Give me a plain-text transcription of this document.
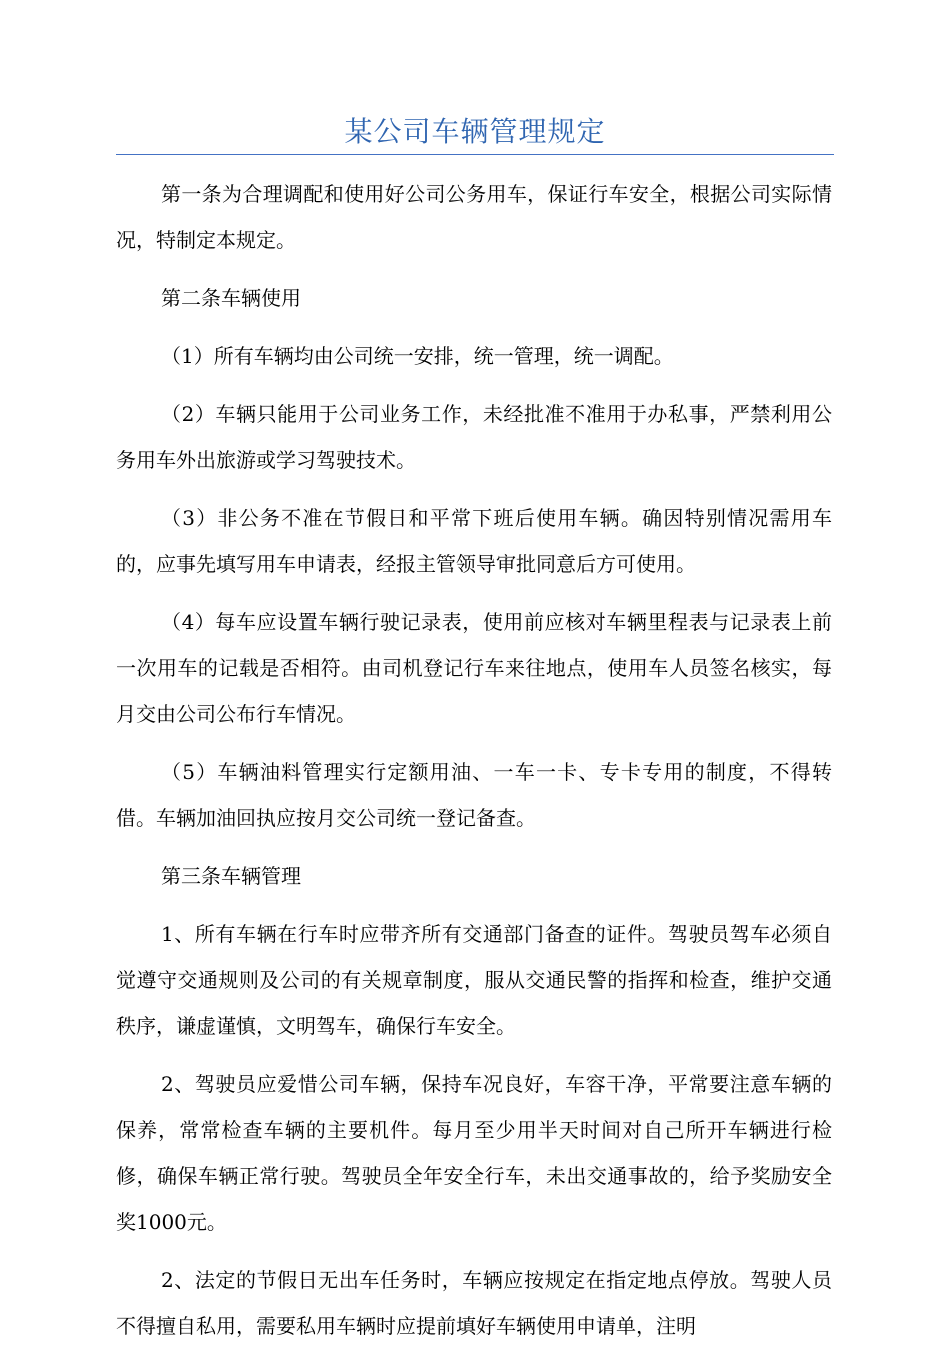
某公司车辆管理规定

第一条为合理调配和使用好公司公务用车，保证行车安全，根据公司实际情况，特制定本规定。

第二条车辆使用

（1）所有车辆均由公司统一安排，统一管理，统一调配。

（2）车辆只能用于公司业务工作，未经批准不准用于办私事，严禁利用公务用车外出旅游或学习驾驶技术。

（3）非公务不准在节假日和平常下班后使用车辆。确因特别情况需用车的，应事先填写用车申请表，经报主管领导审批同意后方可使用。

（4）每车应设置车辆行驶记录表，使用前应核对车辆里程表与记录表上前一次用车的记载是否相符。由司机登记行车来往地点，使用车人员签名核实，每月交由公司公布行车情况。

（5）车辆油料管理实行定额用油、一车一卡、专卡专用的制度，不得转借。车辆加油回执应按月交公司统一登记备查。

第三条车辆管理

1、所有车辆在行车时应带齐所有交通部门备查的证件。驾驶员驾车必须自觉遵守交通规则及公司的有关规章制度，服从交通民警的指挥和检查，维护交通秩序，谦虚谨慎，文明驾车，确保行车安全。

2、驾驶员应爱惜公司车辆，保持车况良好，车容干净，平常要注意车辆的保养，常常检查车辆的主要机件。每月至少用半天时间对自己所开车辆进行检修，确保车辆正常行驶。驾驶员全年安全行车，未出交通事故的，给予奖励安全奖1000元。

2、法定的节假日无出车任务时，车辆应按规定在指定地点停放。驾驶人员不得擅自私用，需要私用车辆时应提前填好车辆使用申请单，注明
